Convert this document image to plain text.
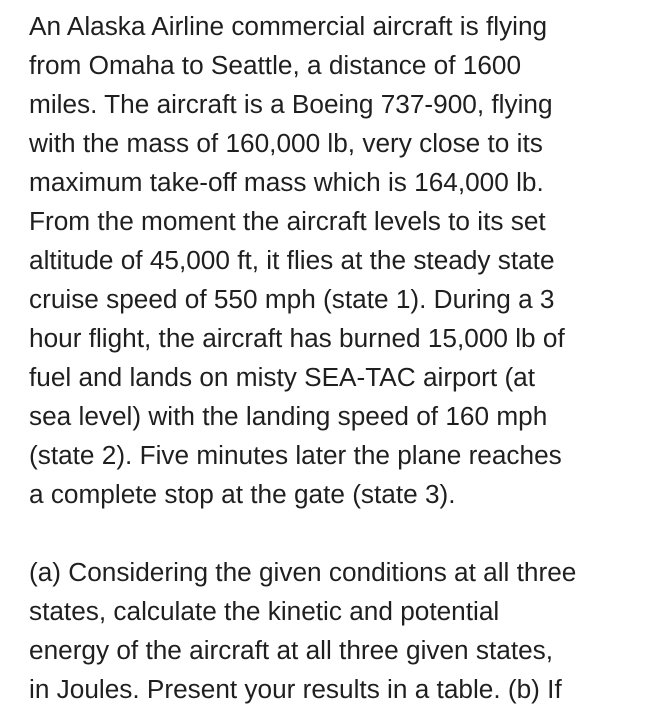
An Alaska Airline commercial aircraft is flying
from Omaha to Seattle, a distance of 1600
miles. The aircraft is a Boeing 737-900, flying
with the mass of 160,000 lb, very close to its
maximum take-off mass which is 164,000 lb.
From the moment the aircraft levels to its set
altitude of 45,000 ft, it flies at the steady state
cruise speed of 550 mph (state 1). During a 3
hour flight, the aircraft has burned 15,000 lb of
fuel and lands on misty SEA-TAC airport (at
sea level) with the landing speed of 160 mph
(state 2). Five minutes later the plane reaches
a complete stop at the gate (state 3).
(a) Considering the given conditions at all three
states, calculate the kinetic and potential
energy of the aircraft at all three given states,
in Joules. Present your results in a table. (b) If
